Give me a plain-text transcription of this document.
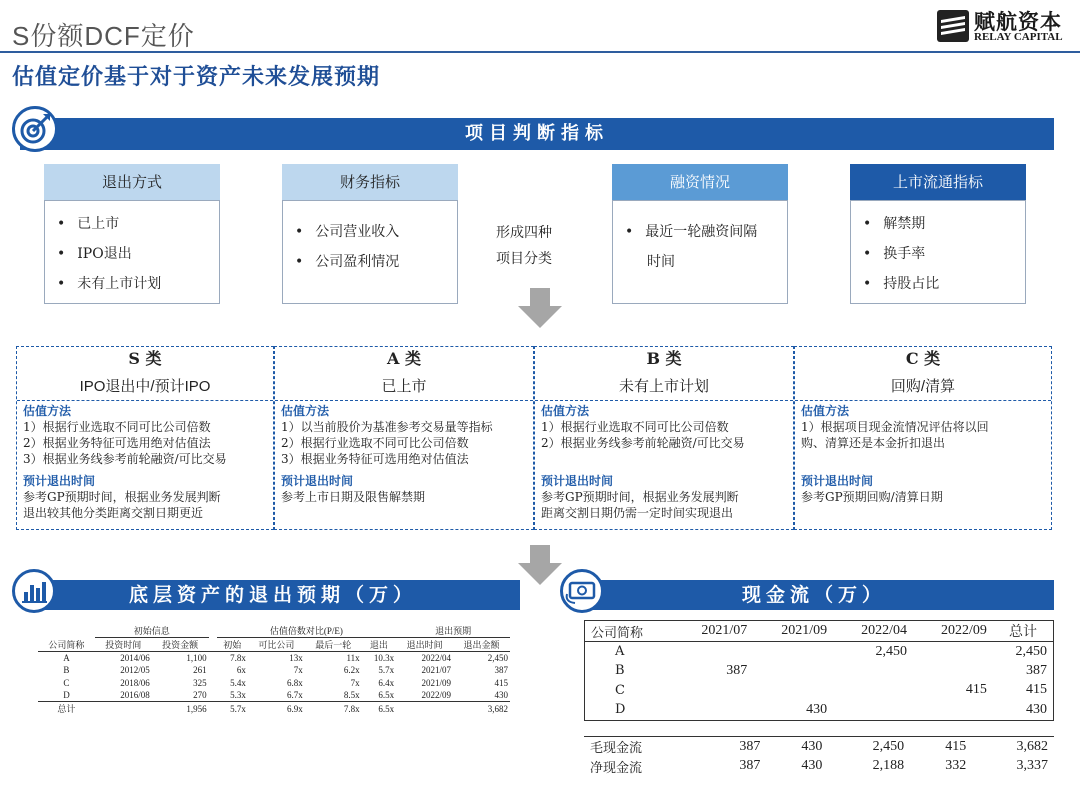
S份额DCF定价	赋航资本
RELAY CAPITAL
估值定价基于对于资产未来发展预期
项目判断指标
退出方式
• 已上市
• IPO退出
• 未有上市计划
财务指标
• 公司营业收入
• 公司盈利情况
形成四种
项目分类
融资情况
• 最近一轮融资间隔
时间
上市流通指标
• 解禁期
• 换手率
• 持股占比
S 类
IPO退出中/预计IPO
估值方法
1）根据行业选取不同可比公司倍数
2）根据业务特征可选用绝对估值法
3）根据业务线参考前轮融资/可比交易
预计退出时间
参考GP预期时间，根据业务发展判断
退出较其他分类距离交割日期更近
A 类
已上市
估值方法
1）以当前股价为基准参考交易量等指标
2）根据行业选取不同可比公司倍数
3）根据业务特征可选用绝对估值法
预计退出时间
参考上市日期及限售解禁期
B 类
未有上市计划
估值方法
1）根据行业选取不同可比公司倍数
2）根据业务线参考前轮融资/可比交易
预计退出时间
参考GP预期时间，根据业务发展判断
距离交割日期仍需一定时间实现退出
C 类
回购/清算
估值方法
1）根据项目现金流情况评估将以回
购、清算还是本金折扣退出
预计退出时间
参考GP预期回购/清算日期
底层资产的退出预期（万）
	初始信息			估值倍数对比(P/E)				退出预期	
公司简称	投资时间	投资金额		初始	可比公司	最后一轮	退出	退出时间	退出金额
A	2014/06	1,100		7.8x	13x	11x	10.3x	2022/04	2,450
B	2012/05	261		6x	7x	6.2x	5.7x	2021/07	387
C	2018/06	325		5.4x	6.8x	7x	6.4x	2021/09	415
D	2016/08	270		5.3x	6.7x	8.5x	6.5x	2022/09	430
总计		1,956		5.7x	6.9x	7.8x	6.5x		3,682
现金流（万）
公司简称	2021/07	2021/09	2022/04	2022/09	总计
A			2,450		2,450
B	387				387
C				415	415
D		430			430
毛现金流	387	430	2,450	415	3,682
净现金流	387	430	2,188	332	3,337
